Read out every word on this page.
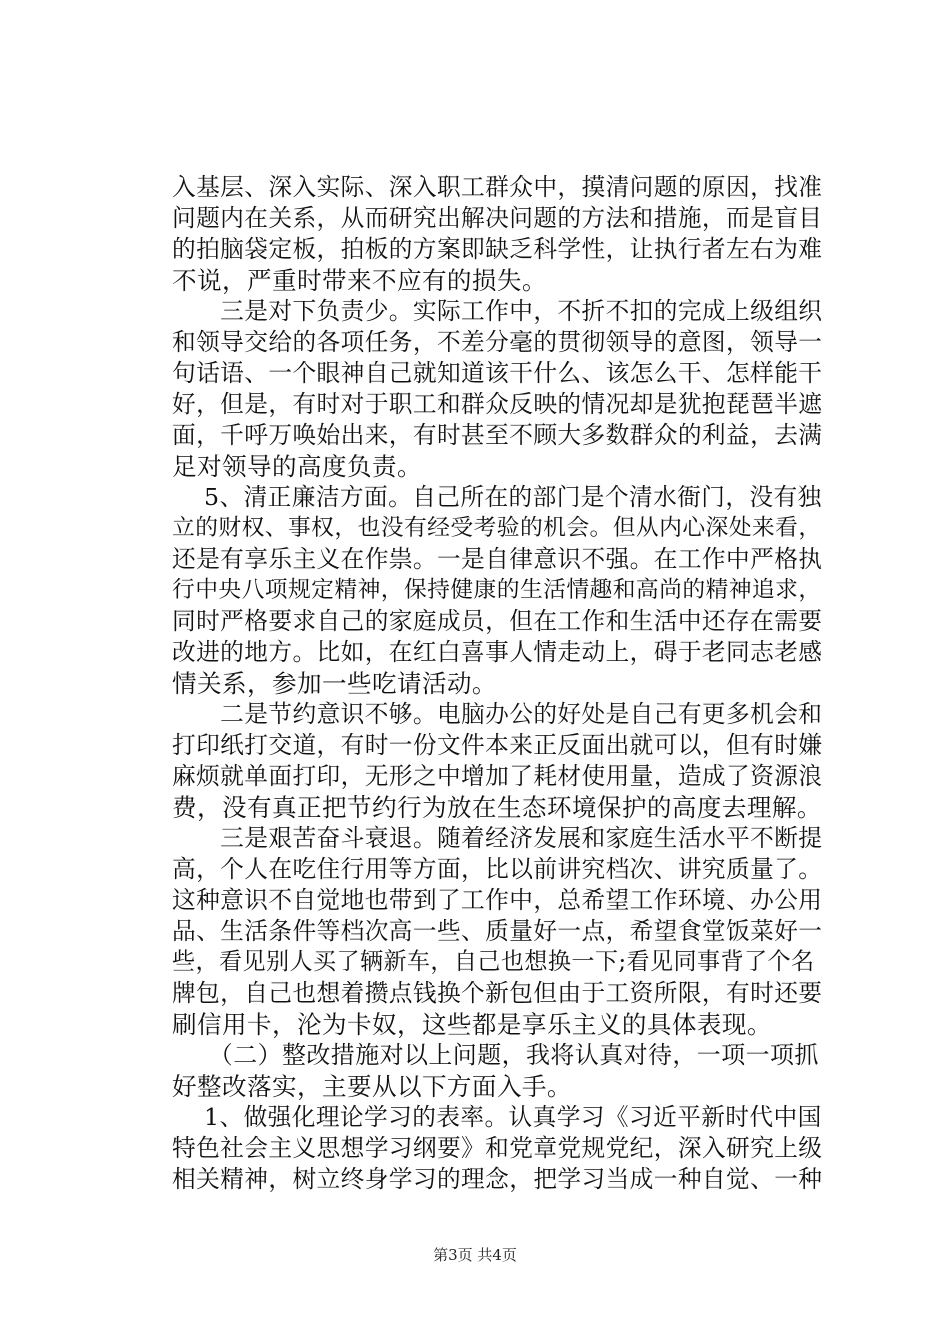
入基层、深入实际、深入职工群众中，摸清问题的原因，找准
问题内在关系，从而研究出解决问题的方法和措施，而是盲目
的拍脑袋定板，拍板的方案即缺乏科学性，让执行者左右为难
不说，严重时带来不应有的损失。
　　三是对下负责少。实际工作中，不折不扣的完成上级组织
和领导交给的各项任务，不差分毫的贯彻领导的意图，领导一
句话语、一个眼神自己就知道该干什么、该怎么干、怎样能干
好，但是，有时对于职工和群众反映的情况却是犹抱琵琶半遮
面，千呼万唤始出来，有时甚至不顾大多数群众的利益，去满
足对领导的高度负责。
　 5、清正廉洁方面。自己所在的部门是个清水衙门，没有独
立的财权、事权，也没有经受考验的机会。但从内心深处来看，
还是有享乐主义在作祟。一是自律意识不强。在工作中严格执
行中央八项规定精神，保持健康的生活情趣和高尚的精神追求，
同时严格要求自己的家庭成员，但在工作和生活中还存在需要
改进的地方。比如，在红白喜事人情走动上，碍于老同志老感
情关系，参加一些吃请活动。
　　二是节约意识不够。电脑办公的好处是自己有更多机会和
打印纸打交道，有时一份文件本来正反面出就可以，但有时嫌
麻烦就单面打印，无形之中增加了耗材使用量，造成了资源浪
费，没有真正把节约行为放在生态环境保护的高度去理解。
　　三是艰苦奋斗衰退。随着经济发展和家庭生活水平不断提
高，个人在吃住行用等方面，比以前讲究档次、讲究质量了。
这种意识不自觉地也带到了工作中，总希望工作环境、办公用
品、生活条件等档次高一些、质量好一点，希望食堂饭菜好一
些，看见别人买了辆新车，自己也想换一下;看见同事背了个名
牌包，自己也想着攒点钱换个新包但由于工资所限，有时还要
刷信用卡，沦为卡奴，这些都是享乐主义的具体表现。
　　（二）整改措施对以上问题，我将认真对待，一项一项抓
好整改落实，主要从以下方面入手。
　 1、做强化理论学习的表率。认真学习《习近平新时代中国
特色社会主义思想学习纲要》和党章党规党纪，深入研究上级
相关精神，树立终身学习的理念，把学习当成一种自觉、一种
第3页 共4页
